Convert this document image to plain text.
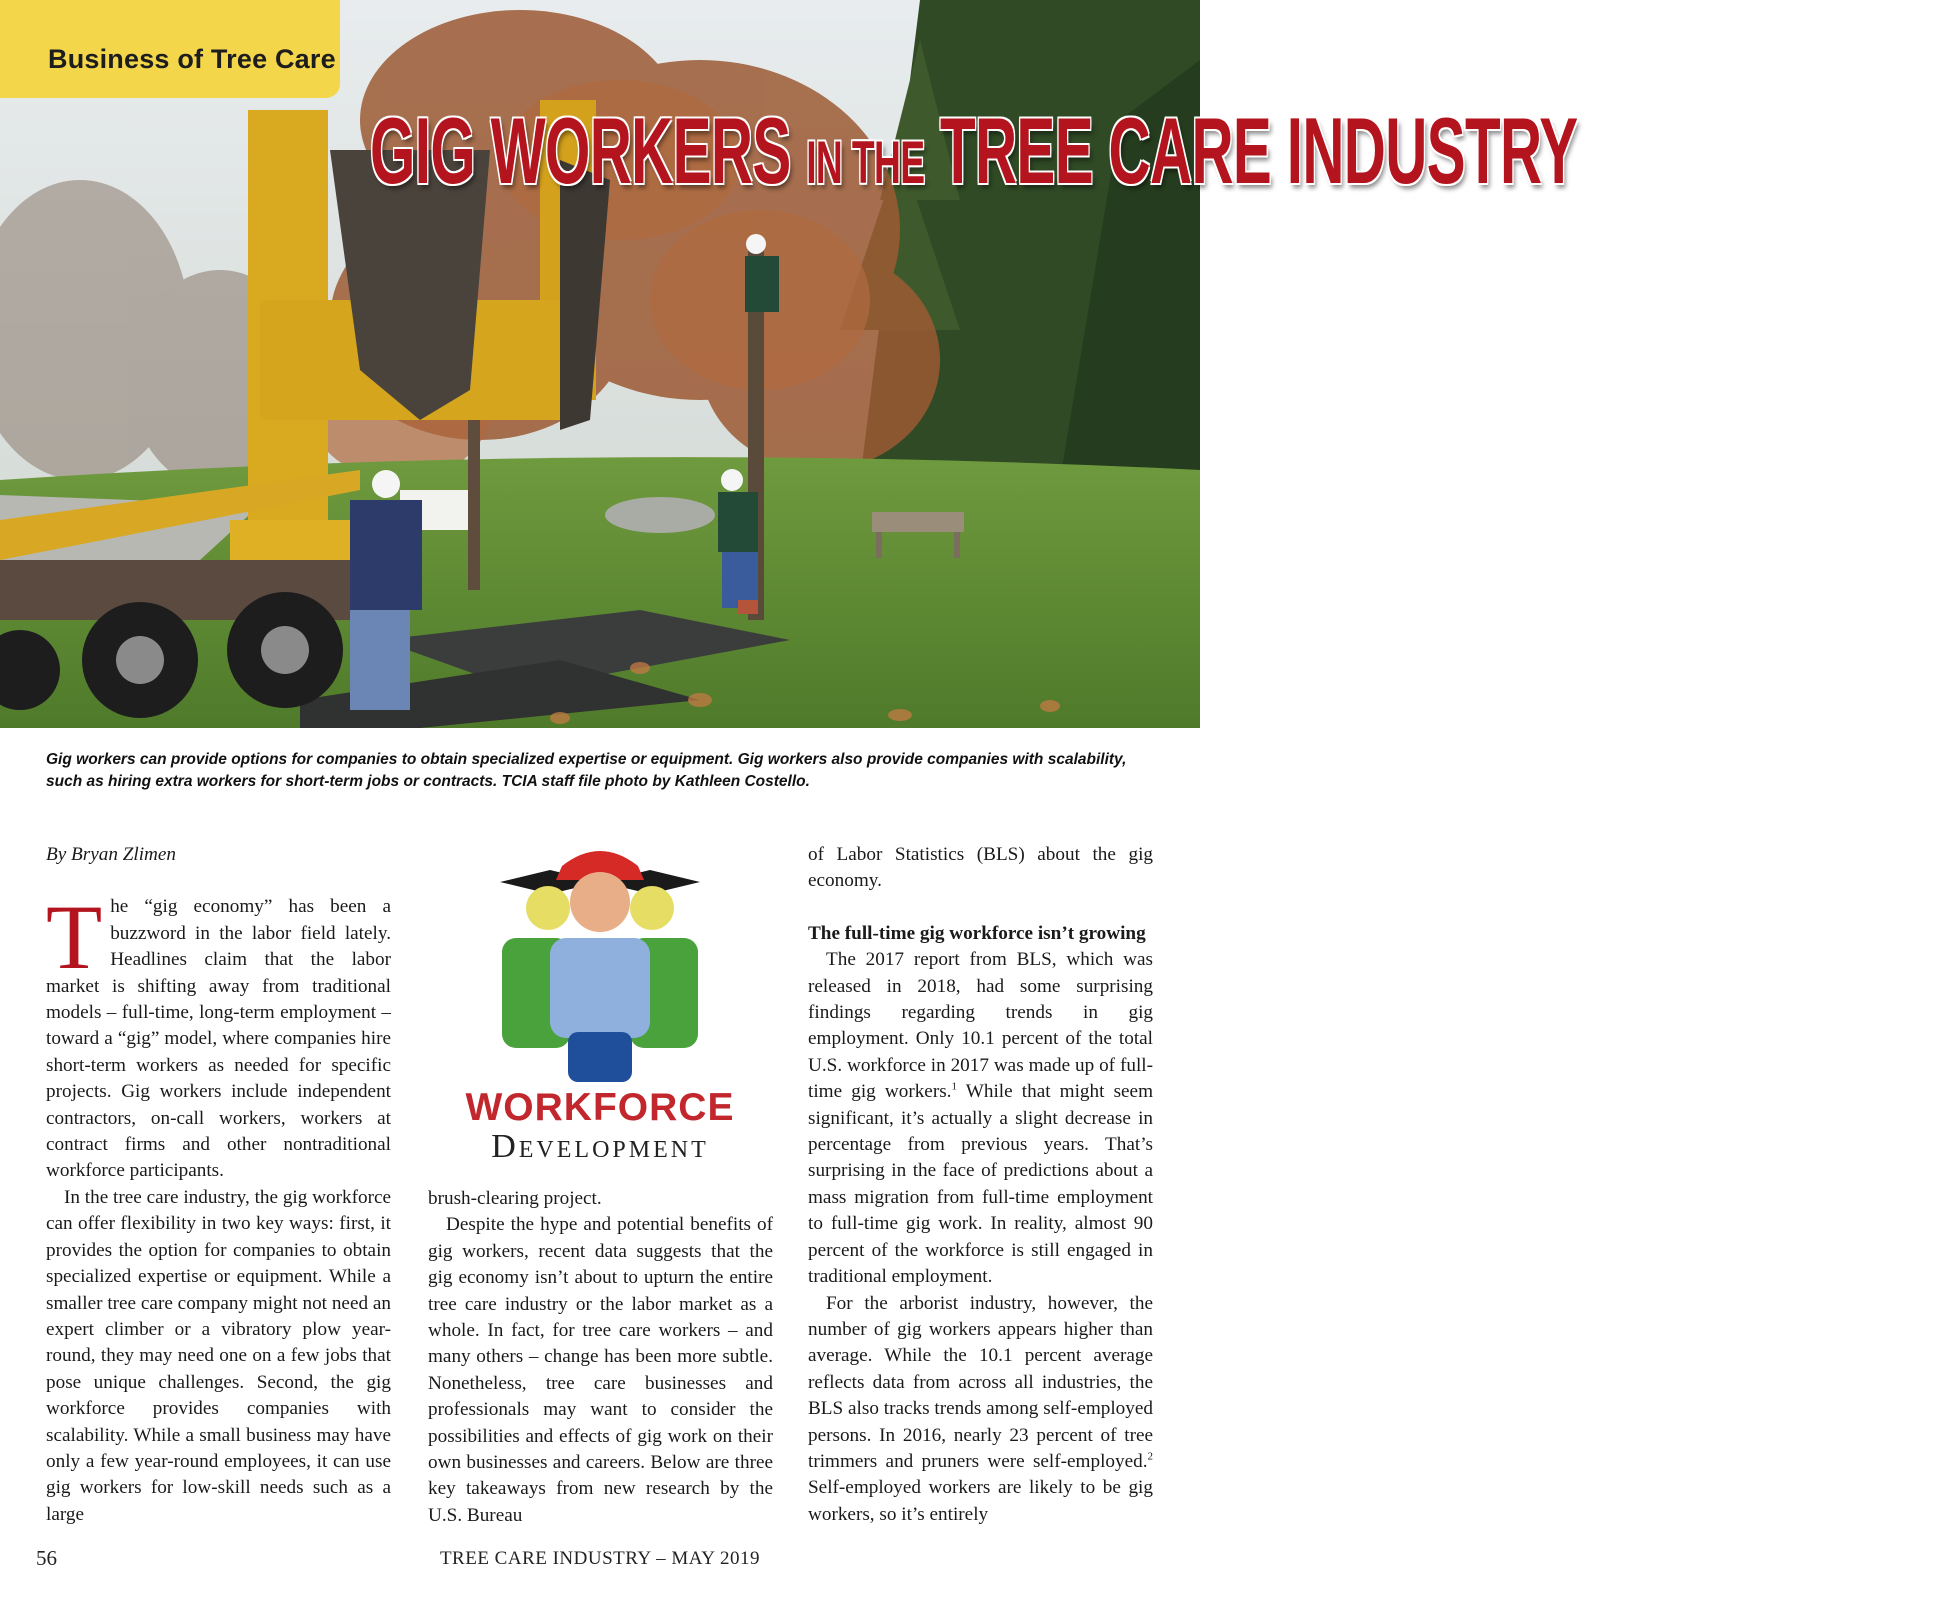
Business of Tree Care
GIG WORKERS IN THE TREE CARE INDUSTRY
Gig workers can provide options for companies to obtain specialized expertise or equipment. Gig workers also provide companies with scalability, such as hiring extra workers for short-term jobs or contracts. TCIA staff file photo by Kathleen Costello.

By Bryan Zlimen

The “gig economy” has been a buzzword in the labor field lately. Headlines claim that the labor market is shifting away from traditional models – full-time, long-term employment – toward a “gig” model, where companies hire short-term workers as needed for specific projects. Gig workers include independent contractors, on-call workers, workers at contract firms and other nontraditional workforce participants.

In the tree care industry, the gig workforce can offer flexibility in two key ways: first, it provides the option for companies to obtain specialized expertise or equipment. While a smaller tree care company might not need an expert climber or a vibratory plow year-round, they may need one on a few jobs that pose unique challenges. Second, the gig workforce provides companies with scalability. While a small business may have only a few year-round employees, it can use gig workers for low-skill needs such as a large

WORKFORCE
Development

brush-clearing project.

Despite the hype and potential benefits of gig workers, recent data suggests that the gig economy isn’t about to upturn the entire tree care industry or the labor market as a whole. In fact, for tree care workers – and many others – change has been more subtle. Nonetheless, tree care businesses and professionals may want to consider the possibilities and effects of gig work on their own businesses and careers. Below are three key takeaways from new research by the U.S. Bureau

of Labor Statistics (BLS) about the gig economy.

The full-time gig workforce isn’t growing

The 2017 report from BLS, which was released in 2018, had some surprising findings regarding trends in gig employment. Only 10.1 percent of the total U.S. workforce in 2017 was made up of full-time gig workers.$^1$ While that might seem significant, it’s actually a slight decrease in percentage from previous years. That’s surprising in the face of predictions about a mass migration from full-time employment to full-time gig work. In reality, almost 90 percent of the workforce is still engaged in traditional employment.

For the arborist industry, however, the number of gig workers appears higher than average. While the 10.1 percent average reflects data from across all industries, the BLS also tracks trends among self-employed persons. In 2016, nearly 23 percent of tree trimmers and pruners were self-employed.$^2$ Self-employed workers are likely to be gig workers, so it’s entirely

TREE CARE INDUSTRY – MAY 2019
56
